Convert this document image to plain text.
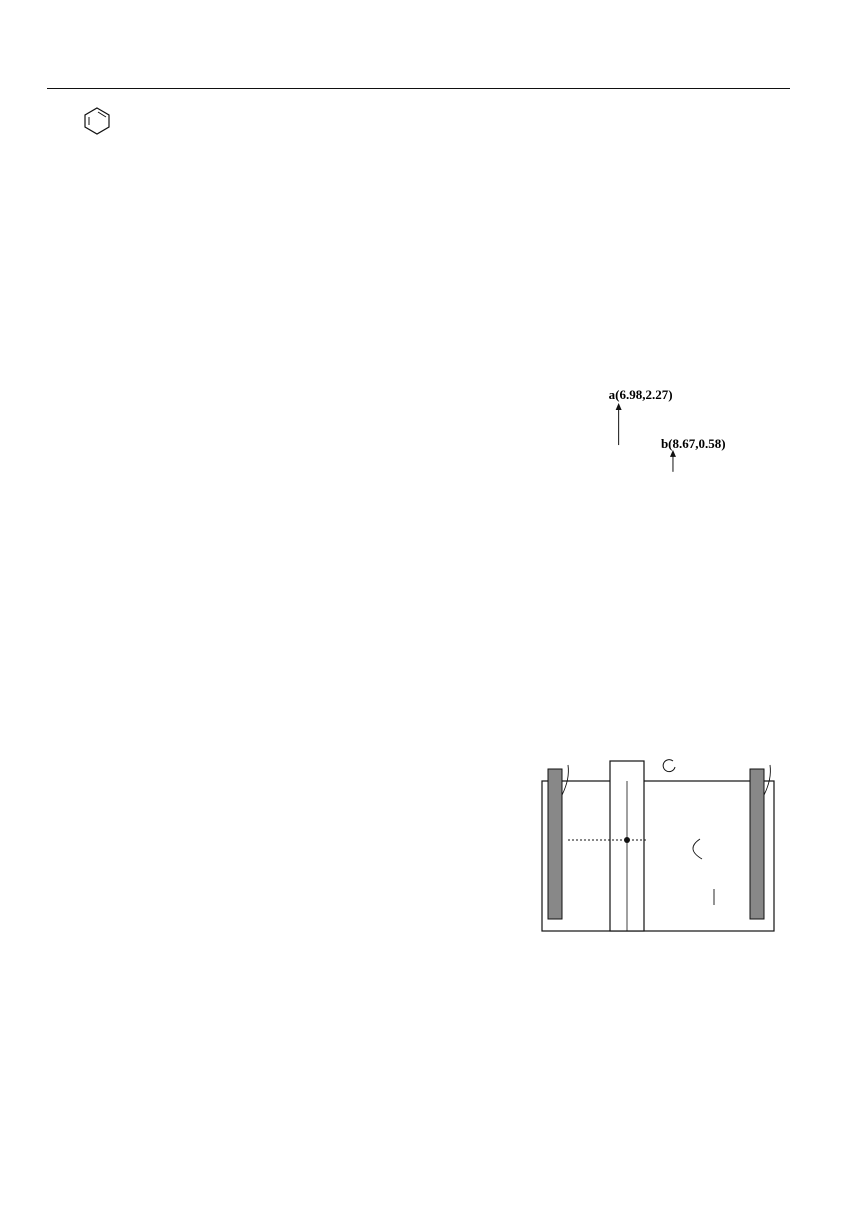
a(6.98,2.27)
b(8.67,0.58)
